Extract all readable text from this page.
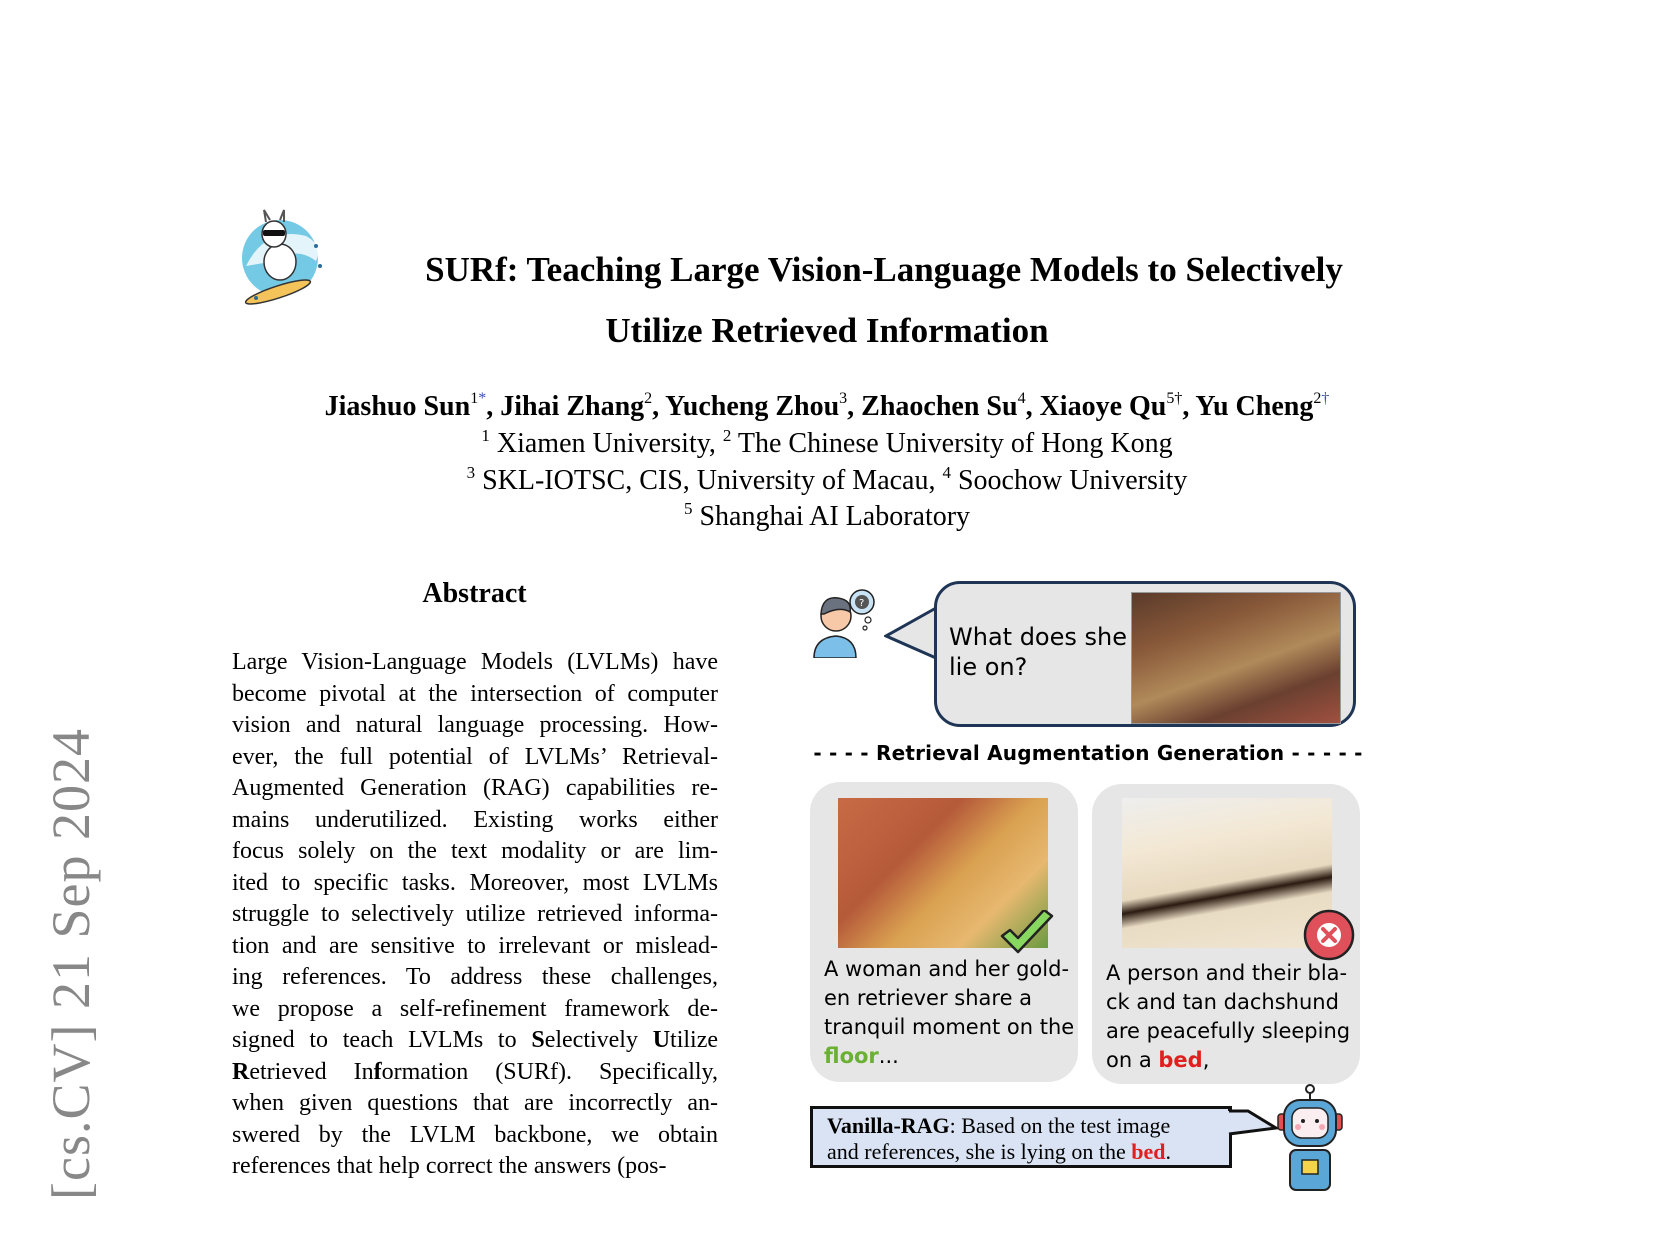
SURf: Teaching Large Vision-Language Models to Selectively
Utilize Retrieved Information
Jiashuo Sun$^{1*}$, Jihai Zhang$^2$, Yucheng Zhou$^3$, Zhaochen Su$^4$, Xiaoye $Qu^{5\dagger}$, Yu Cheng$^{2\dagger}$
$^1$ Xiamen University, $^2$ The Chinese University of Hong Kong
$^3$ SKL-IOTSC, CIS, University of Macau, $^4$ Soochow University
$^5$ Shanghai AI Laboratory
[cs.CV] 21 Sep 2024
Abstract
Large Vision-Language Models (LVLMs) have
become pivotal at the intersection of computer
vision and natural language processing. How-
ever, the full potential of LVLMs’ Retrieval-
Augmented Generation (RAG) capabilities re-
mains underutilized. Existing works either
focus solely on the text modality or are lim-
ited to specific tasks. Moreover, most LVLMs
struggle to selectively utilize retrieved informa-
tion and are sensitive to irrelevant or mislead-
ing references. To address these challenges,
we propose a self-refinement framework de-
signed to teach LVLMs to Selectively Utilize
Retrieved Information (SURf). Specifically,
when given questions that are incorrectly an-
swered by the LVLM backbone, we obtain
references that help correct the answers (pos-
?
What does she
lie on?
- - - - Retrieval Augmentation Generation - - - - -
A woman and her gold-
en retriever share a
tranquil moment on the
floor...
A person and their bla-
ck and tan dachshund
are peacefully sleeping
on a bed,
Vanilla-RAG: Based on the test image
and references, she is lying on the bed.
